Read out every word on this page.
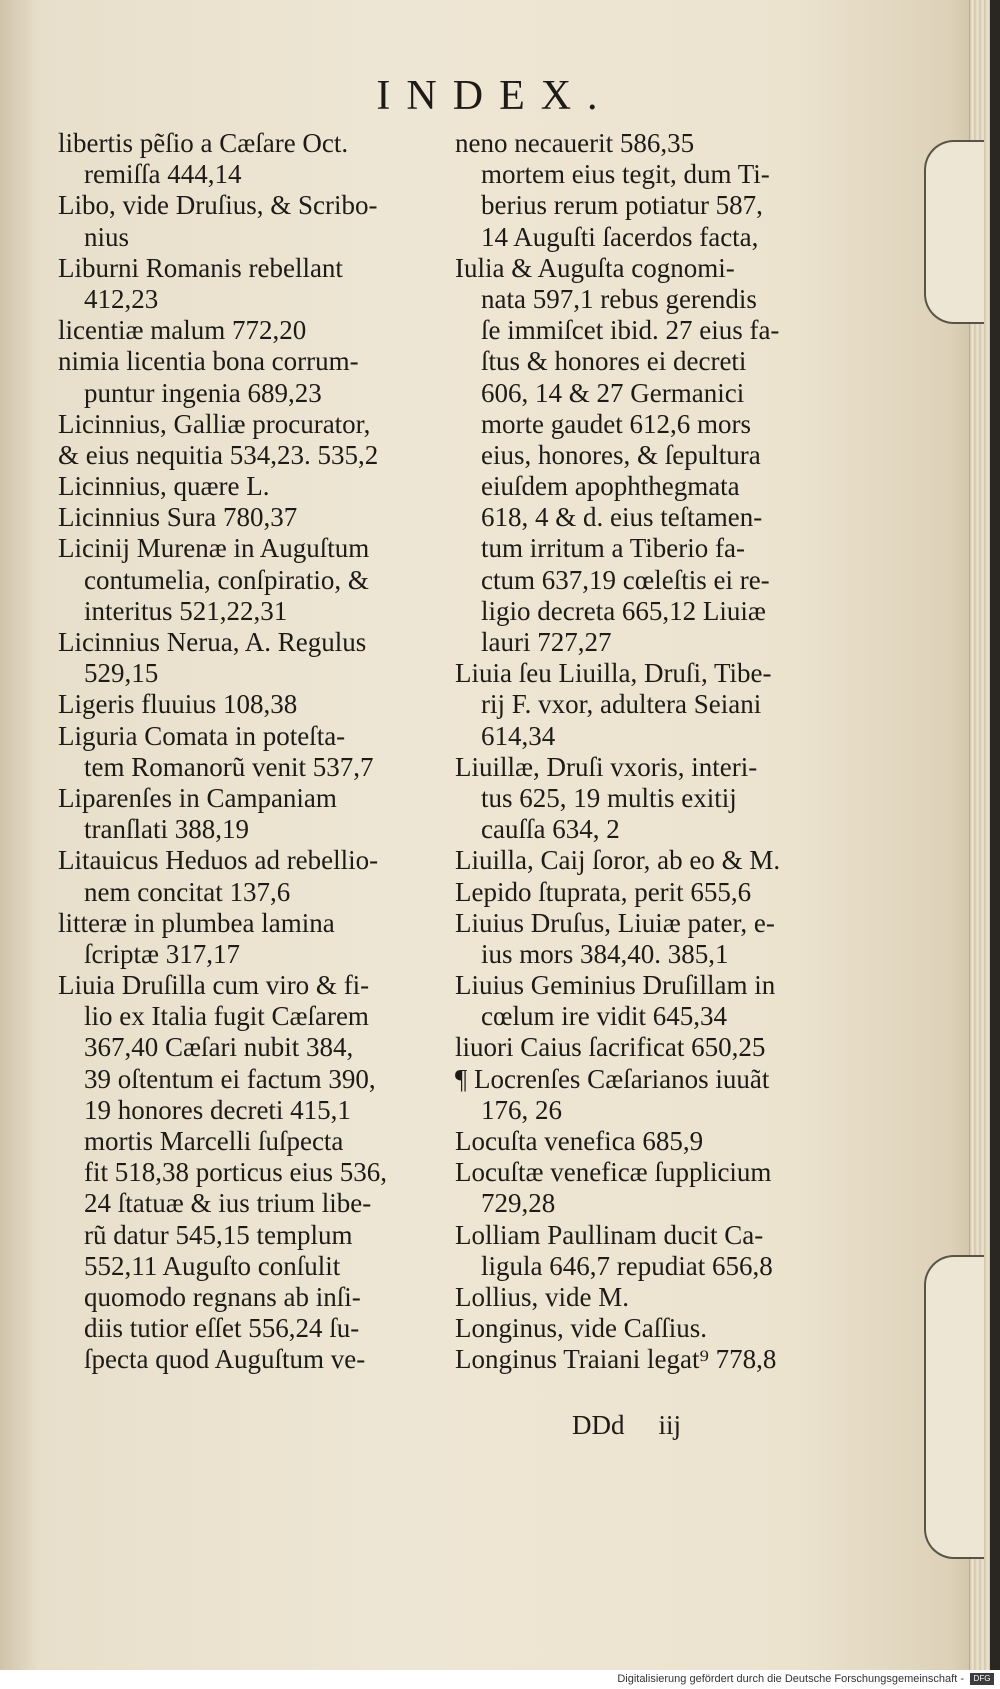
INDEX.
libertis pẽſio a Cæſare Oct.
remiſſa 444,14
Libo, vide Druſius, & Scribo-
nius
Liburni Romanis rebellant
412,23
licentiæ malum 772,20
nimia licentia bona corrum-
puntur ingenia 689,23
Licinnius, Galliæ procurator,
& eius nequitia 534,23. 535,2
Licinnius, quære L.
Licinnius Sura 780,37
Licinij Murenæ in Auguſtum
contumelia, conſpiratio, &
interitus 521,22,31
Licinnius Nerua, A. Regulus
529,15
Ligeris fluuius 108,38
Liguria Comata in poteſta-
tem Romanorũ venit 537,7
Liparenſes in Campaniam
tranſlati 388,19
Litauicus Heduos ad rebellio-
nem concitat 137,6
litteræ in plumbea lamina
ſcriptæ 317,17
Liuia Druſilla cum viro & fi-
lio ex Italia fugit Cæſarem
367,40 Cæſari nubit 384,
39 oſtentum ei factum 390,
19 honores decreti 415,1
mortis Marcelli ſuſpecta
fit 518,38 porticus eius 536,
24 ſtatuæ & ius trium libe-
rũ datur 545,15 templum
552,11 Auguſto conſulit
quomodo regnans ab inſi-
diis tutior eſſet 556,24 ſu-
ſpecta quod Auguſtum ve-
neno necauerit 586,35
mortem eius tegit, dum Ti-
berius rerum potiatur 587,
14 Auguſti ſacerdos facta,
Iulia & Auguſta cognomi-
nata 597,1 rebus gerendis
ſe immiſcet ibid. 27 eius fa-
ſtus & honores ei decreti
606, 14 & 27 Germanici
morte gaudet 612,6 mors
eius, honores, & ſepultura
eiuſdem apophthegmata
618, 4 & d. eius teſtamen-
tum irritum a Tiberio fa-
ctum 637,19 cœleſtis ei re-
ligio decreta 665,12 Liuiæ
lauri 727,27
Liuia ſeu Liuilla, Druſi, Tibe-
rij F. vxor, adultera Seiani
614,34
Liuillæ, Druſi vxoris, interi-
tus 625, 19 multis exitij
cauſſa 634, 2
Liuilla, Caij ſoror, ab eo & M.
Lepido ſtuprata, perit 655,6
Liuius Druſus, Liuiæ pater, e-
ius mors 384,40. 385,1
Liuius Geminius Druſillam in
cœlum ire vidit 645,34
liuori Caius ſacrificat 650,25
¶ Locrenſes Cæſarianos iuuãt
176, 26
Locuſta venefica 685,9
Locuſtæ veneficæ ſupplicium
729,28
Lolliam Paullinam ducit Ca-
ligula 646,7 repudiat 656,8
Lollius, vide M.
Longinus, vide Caſſius.
Longinus Traiani legat⁹ 778,8
DDd iij
Digitalisierung gefördert durch die Deutsche Forschungsgemeinschaft -	DFG
